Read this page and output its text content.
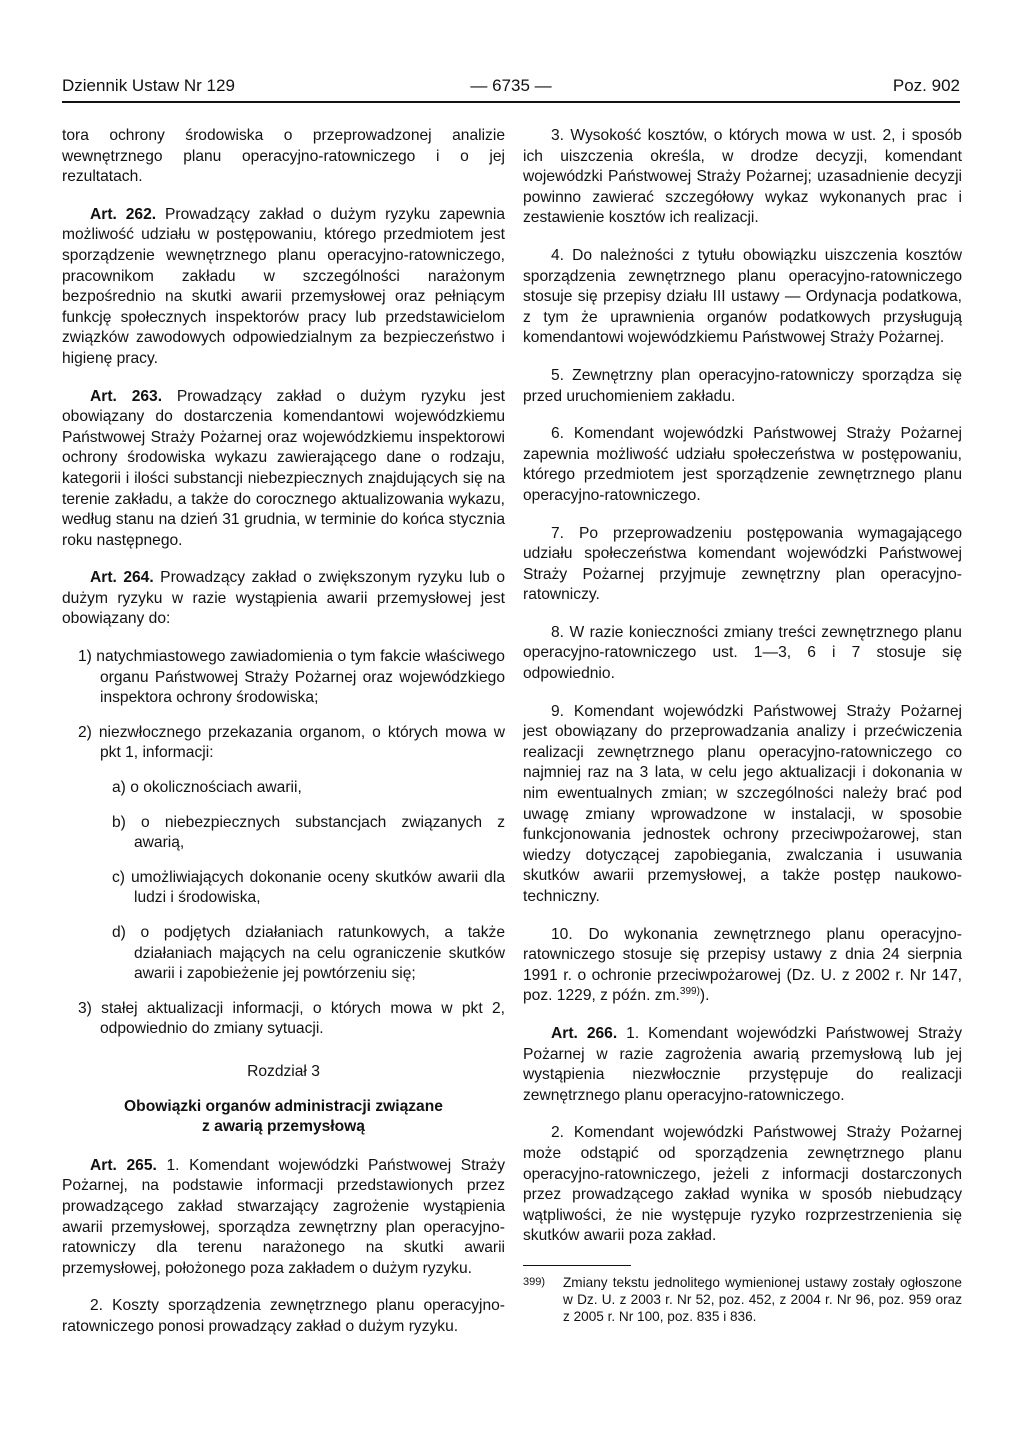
Dziennik Ustaw Nr 129	— 6735 —	Poz. 902

tora ochrony środowiska o przeprowadzonej analizie wewnętrznego planu operacyjno-ratowniczego i o jej rezultatach.

Art. 262. Prowadzący zakład o dużym ryzyku zapewnia możliwość udziału w postępowaniu, którego przedmiotem jest sporządzenie wewnętrznego planu operacyjno-ratowniczego, pracownikom zakładu w szczególności narażonym bezpośrednio na skutki awarii przemysłowej oraz pełniącym funkcję społecznych inspektorów pracy lub przedstawicielom związków zawodowych odpowiedzialnym za bezpieczeństwo i higienę pracy.

Art. 263. Prowadzący zakład o dużym ryzyku jest obowiązany do dostarczenia komendantowi wojewódzkiemu Państwowej Straży Pożarnej oraz wojewódzkiemu inspektorowi ochrony środowiska wykazu zawierającego dane o rodzaju, kategorii i ilości substancji niebezpiecznych znajdujących się na terenie zakładu, a także do corocznego aktualizowania wykazu, według stanu na dzień 31 grudnia, w terminie do końca stycznia roku następnego.

Art. 264. Prowadzący zakład o zwiększonym ryzyku lub o dużym ryzyku w razie wystąpienia awarii przemysłowej jest obowiązany do:

1) natychmiastowego zawiadomienia o tym fakcie właściwego organu Państwowej Straży Pożarnej oraz wojewódzkiego inspektora ochrony środowiska;
2) niezwłocznego przekazania organom, o których mowa w pkt 1, informacji:
a) o okolicznościach awarii,
b) o niebezpiecznych substancjach związanych z awarią,
c) umożliwiających dokonanie oceny skutków awarii dla ludzi i środowiska,
d) o podjętych działaniach ratunkowych, a także działaniach mających na celu ograniczenie skutków awarii i zapobieżenie jej powtórzeniu się;
3) stałej aktualizacji informacji, o których mowa w pkt 2, odpowiednio do zmiany sytuacji.
Rozdział 3
Obowiązki organów administracji związane
z awarią przemysłową

Art. 265. 1. Komendant wojewódzki Państwowej Straży Pożarnej, na podstawie informacji przedstawionych przez prowadzącego zakład stwarzający zagrożenie wystąpienia awarii przemysłowej, sporządza zewnętrzny plan operacyjno-ratowniczy dla terenu narażonego na skutki awarii przemysłowej, położonego poza zakładem o dużym ryzyku.

2. Koszty sporządzenia zewnętrznego planu operacyjno-ratowniczego ponosi prowadzący zakład o dużym ryzyku.

3. Wysokość kosztów, o których mowa w ust. 2, i sposób ich uiszczenia określa, w drodze decyzji, komendant wojewódzki Państwowej Straży Pożarnej; uzasadnienie decyzji powinno zawierać szczegółowy wykaz wykonanych prac i zestawienie kosztów ich realizacji.

4. Do należności z tytułu obowiązku uiszczenia kosztów sporządzenia zewnętrznego planu operacyjno-ratowniczego stosuje się przepisy działu III ustawy — Ordynacja podatkowa, z tym że uprawnienia organów podatkowych przysługują komendantowi wojewódzkiemu Państwowej Straży Pożarnej.

5. Zewnętrzny plan operacyjno-ratowniczy sporządza się przed uruchomieniem zakładu.

6. Komendant wojewódzki Państwowej Straży Pożarnej zapewnia możliwość udziału społeczeństwa w postępowaniu, którego przedmiotem jest sporządzenie zewnętrznego planu operacyjno-ratowniczego.

7. Po przeprowadzeniu postępowania wymagającego udziału społeczeństwa komendant wojewódzki Państwowej Straży Pożarnej przyjmuje zewnętrzny plan operacyjno-ratowniczy.

8. W razie konieczności zmiany treści zewnętrznego planu operacyjno-ratowniczego ust. 1—3, 6 i 7 stosuje się odpowiednio.

9. Komendant wojewódzki Państwowej Straży Pożarnej jest obowiązany do przeprowadzania analizy i przećwiczenia realizacji zewnętrznego planu operacyjno-ratowniczego co najmniej raz na 3 lata, w celu jego aktualizacji i dokonania w nim ewentualnych zmian; w szczególności należy brać pod uwagę zmiany wprowadzone w instalacji, w sposobie funkcjonowania jednostek ochrony przeciwpożarowej, stan wiedzy dotyczącej zapobiegania, zwalczania i usuwania skutków awarii przemysłowej, a także postęp naukowo-techniczny.

10. Do wykonania zewnętrznego planu operacyjno-ratowniczego stosuje się przepisy ustawy z dnia 24 sierpnia 1991 r. o ochronie przeciwpożarowej (Dz. U. z 2002 r. Nr 147, poz. 1229, z późn. zm.$^{399)}$).

Art. 266. 1. Komendant wojewódzki Państwowej Straży Pożarnej w razie zagrożenia awarią przemysłową lub jej wystąpienia niezwłocznie przystępuje do realizacji zewnętrznego planu operacyjno-ratowniczego.

2. Komendant wojewódzki Państwowej Straży Pożarnej może odstąpić od sporządzenia zewnętrznego planu operacyjno-ratowniczego, jeżeli z informacji dostarczonych przez prowadzącego zakład wynika w sposób niebudzący wątpliwości, że nie występuje ryzyko rozprzestrzenienia się skutków awarii poza zakład.

399) Zmiany tekstu jednolitego wymienionej ustawy zostały ogłoszone w Dz. U. z 2003 r. Nr 52, poz. 452, z 2004 r. Nr 96, poz. 959 oraz z 2005 r. Nr 100, poz. 835 i 836.
